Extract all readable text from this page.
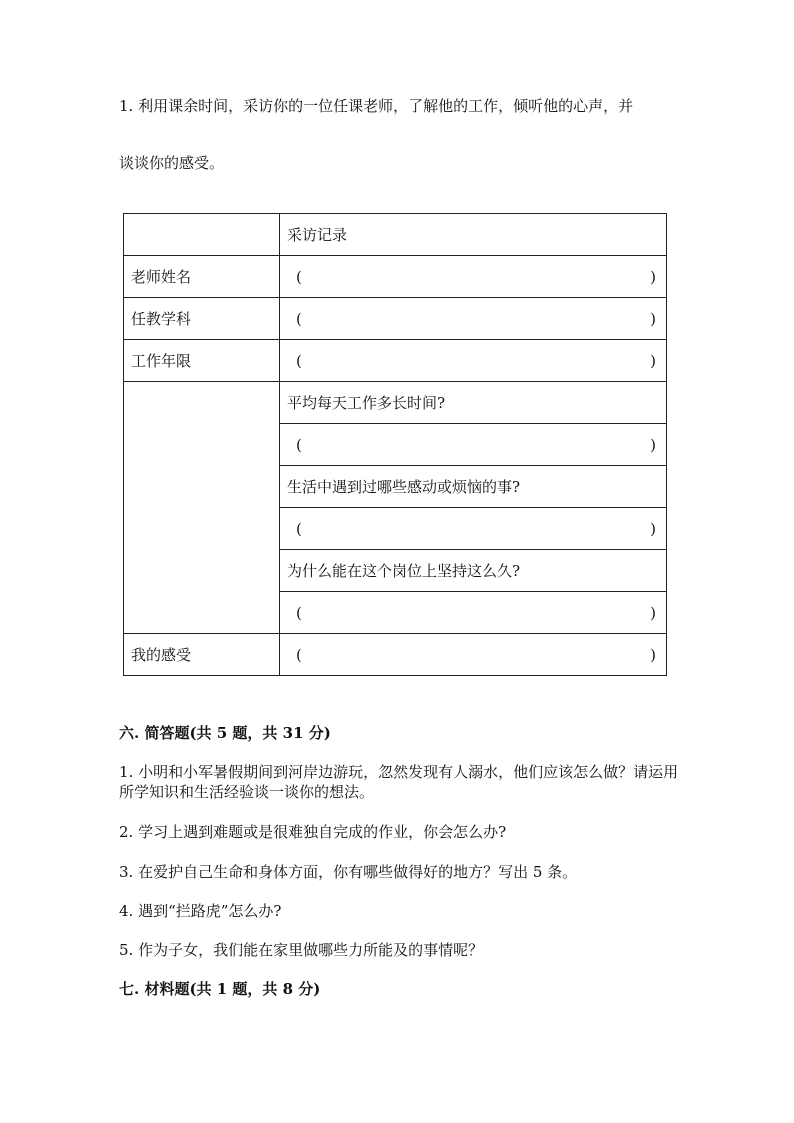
1. 利用课余时间，采访你的一位任课老师，了解他的工作，倾听他的心声，并
谈谈你的感受。
	采访记录
老师姓名	( )

任教学科	( )

工作年限	( )

	平均每天工作多长时间?

	( )

	生活中遇到过哪些感动或烦恼的事?

	( )

	为什么能在这个岗位上坚持这么久?

	( )

我的感受	( )
六. 简答题(共 5 题，共 31 分)
1. 小明和小军暑假期间到河岸边游玩，忽然发现有人溺水，他们应该怎么做？请运用所学知识和生活经验谈一谈你的想法。
2. 学习上遇到难题或是很难独自完成的作业，你会怎么办?
3. 在爱护自己生命和身体方面，你有哪些做得好的地方？写出 5 条。
4. 遇到“拦路虎”怎么办?
5. 作为子女，我们能在家里做哪些力所能及的事情呢？
七. 材料题(共 1 题，共 8 分)
